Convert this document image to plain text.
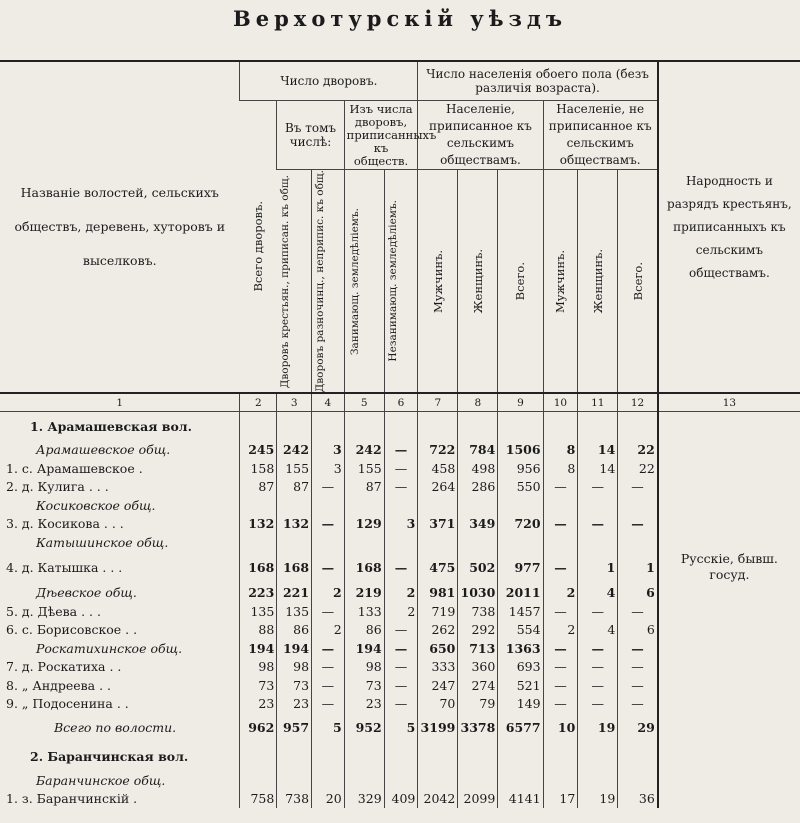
Верхотурскій уѣздъ
Названіе волостей, сельскихъ обществъ, деревень, хуторовъ и выселковъ.	Число дворовъ.					Число населенія обоего пола (безъ различія возраста).						Народность и разрядъ крестьянъ, приписанныхъ къ сельскимъ обществамъ.

	Всего дворовъ.	Въ томъ числѣ:		Изъ числа дворовъ, приписанныхъ къ обществ.		Населеніе, приписанное къ сельскимъ обществамъ.			Населеніе, не приписанное къ сельскимъ обществамъ.			

		Дворовъ крестьян., приписан. къ общ.	Дворовъ разночинц., неприпис. къ общ.	Занимающ. земледѣліемъ.	Незанимающ. земледѣліемъ.	Мужчинъ.	Женщинъ.	Всего.	Мужчинъ.	Женщинъ.	Всего.	

1	2	3	4	5	6	7	8	9	10	11	12	13
1. Арамашевская вол.												
Арамашевское общ.	245	242	3	242	—	722	784	1506	8	14	22	
1. с. Арамашевское .	158	155	3	155	—	458	498	956	8	14	22	
2. д. Кулига . . .	87	87	—	87	—	264	286	550	—	—	—	
Косиковское общ.												
3. д. Косикова . . .	132	132	—	129	3	371	349	720	—	—	—	
Катышинское общ.												
4. д. Катышка . . .	168	168	—	168	—	475	502	977	—	1	1	Русскіе, бывш. госуд.
Дѣевское общ.	223	221	2	219	2	981	1030	2011	2	4	6	
5. д. Дѣева . . .	135	135	—	133	2	719	738	1457	—	—	—	
6. с. Борисовское . .	88	86	2	86	—	262	292	554	2	4	6	
Роскатихинское общ.	194	194	—	194	—	650	713	1363	—	—	—	
7. д. Роскатиха . .	98	98	—	98	—	333	360	693	—	—	—	
8. „ Андреева . .	73	73	—	73	—	247	274	521	—	—	—	
9. „ Подосенина . .	23	23	—	23	—	70	79	149	—	—	—	
Всего по волости.	962	957	5	952	5	3199	3378	6577	10	19	29	
2. Баранчинская вол.												
Баранчинское общ.												
1. з. Баранчинскій .	758	738	20	329	409	2042	2099	4141	17	19	36	
